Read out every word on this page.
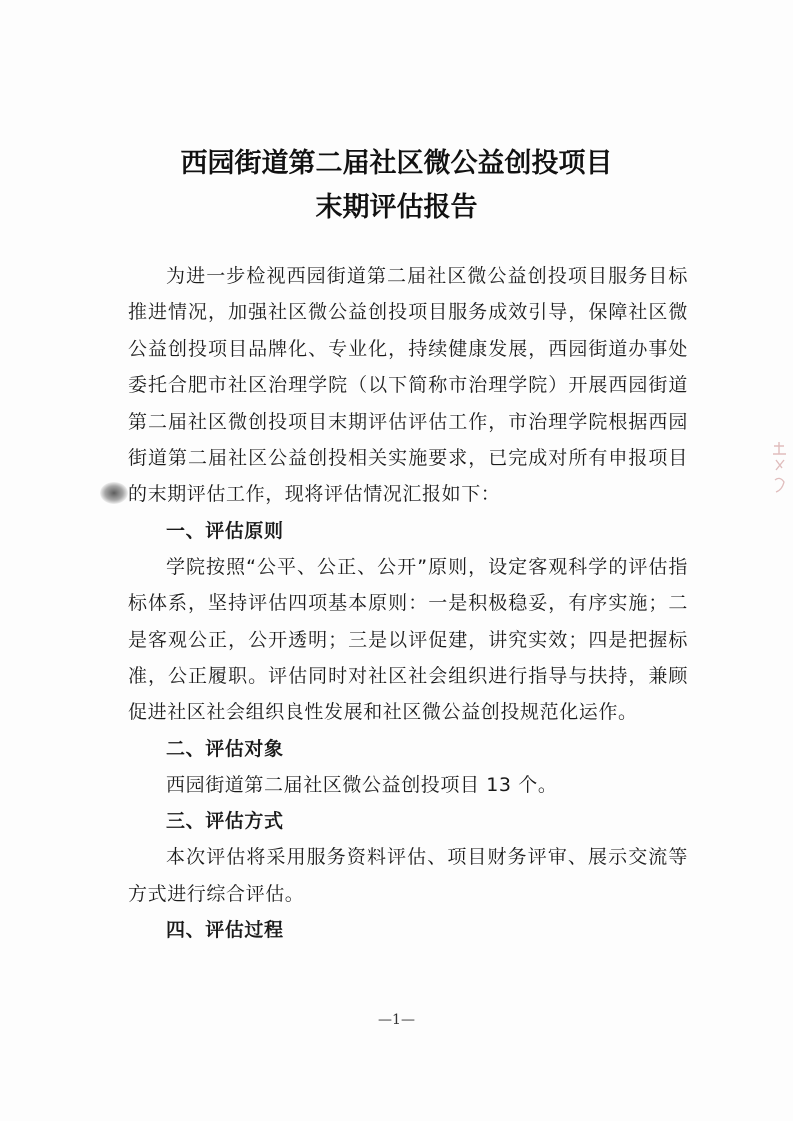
西园街道第二届社区微公益创投项目
末期评估报告

为进一步检视西园街道第二届社区微公益创投项目服务目标推进情况，加强社区微公益创投项目服务成效引导，保障社区微公益创投项目品牌化、专业化，持续健康发展，西园街道办事处委托合肥市社区治理学院（以下简称市治理学院）开展西园街道第二届社区微创投项目末期评估评估工作，市治理学院根据西园街道第二届社区公益创投相关实施要求，已完成对所有申报项目的末期评估工作，现将评估情况汇报如下：

一、评估原则

学院按照“公平、公正、公开”原则，设定客观科学的评估指标体系，坚持评估四项基本原则：一是积极稳妥，有序实施；二是客观公正，公开透明；三是以评促建，讲究实效；四是把握标准，公正履职。评估同时对社区社会组织进行指导与扶持，兼顾促进社区社会组织良性发展和社区微公益创投规范化运作。

二、评估对象

西园街道第二届社区微公益创投项目 13 个。

三、评估方式

本次评估将采用服务资料评估、项目财务评审、展示交流等方式进行综合评估。

四、评估过程

—1—
